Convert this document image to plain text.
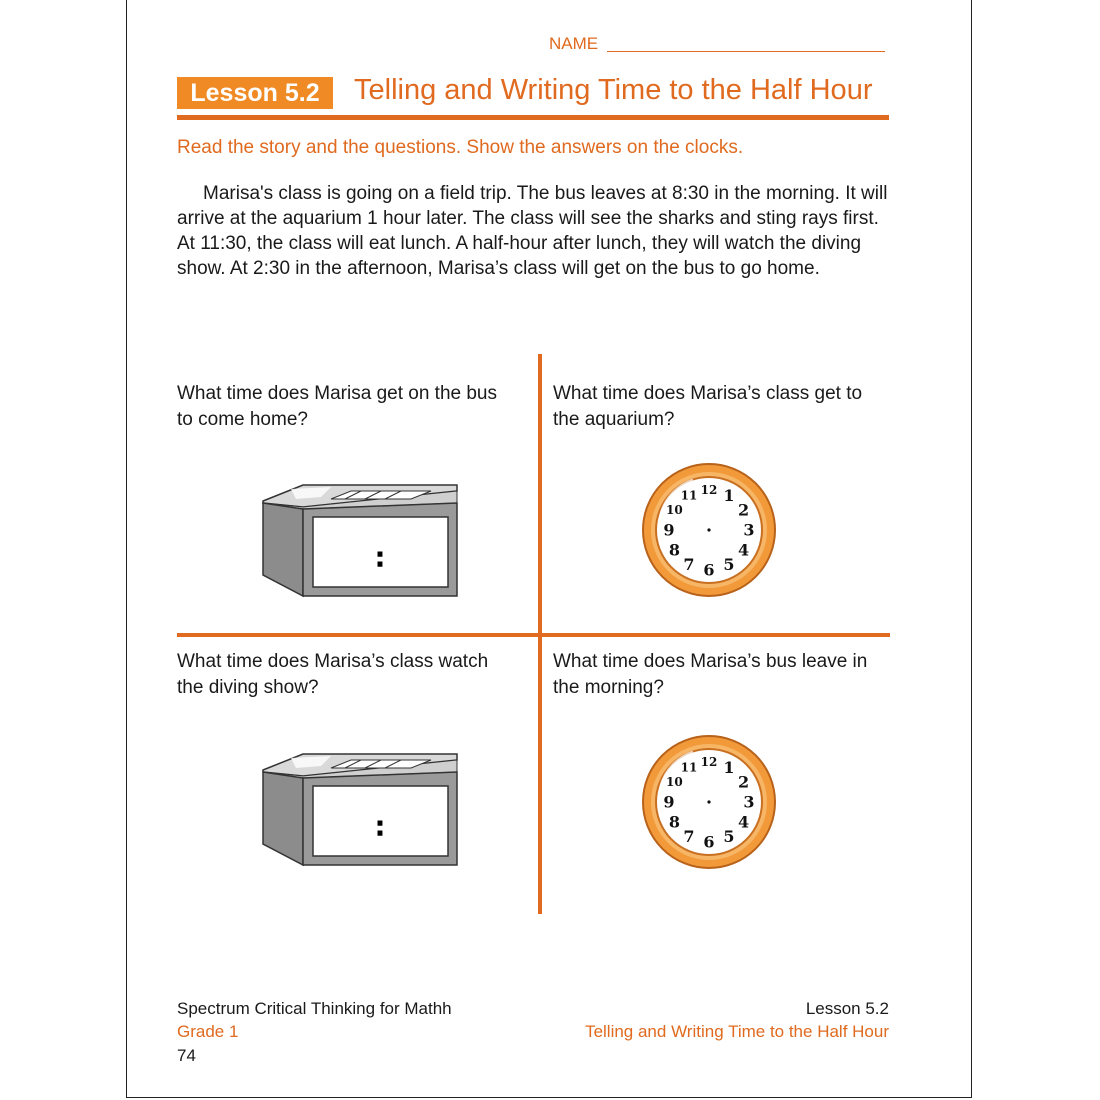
NAME
Lesson 5.2	Telling and Writing Time to the Half Hour
Read the story and the questions. Show the answers on the clocks.

Marisa's class is going on a field trip. The bus leaves at 8:30 in the morning. It will arrive at the aquarium 1 hour later. The class will see the sharks and sting rays first. At 11:30, the class will eat lunch. A half-hour after lunch, they will watch the diving show. At 2:30 in the afternoon, Marisa’s class will get on the bus to go home.

What time does Marisa get on the bus to come home?

What time does Marisa’s class get to the aquarium?

What time does Marisa’s class watch the diving show?

What time does Marisa’s bus leave in the morning?

:
:
12 1
2
3
4
5
6
7
8
9
10
11
12 1
2
3
4
5
6
7
8
9
10
11
Spectrum Critical Thinking for Mathh
Grade 1
74
Lesson 5.2
Telling and Writing Time to the Half Hour
